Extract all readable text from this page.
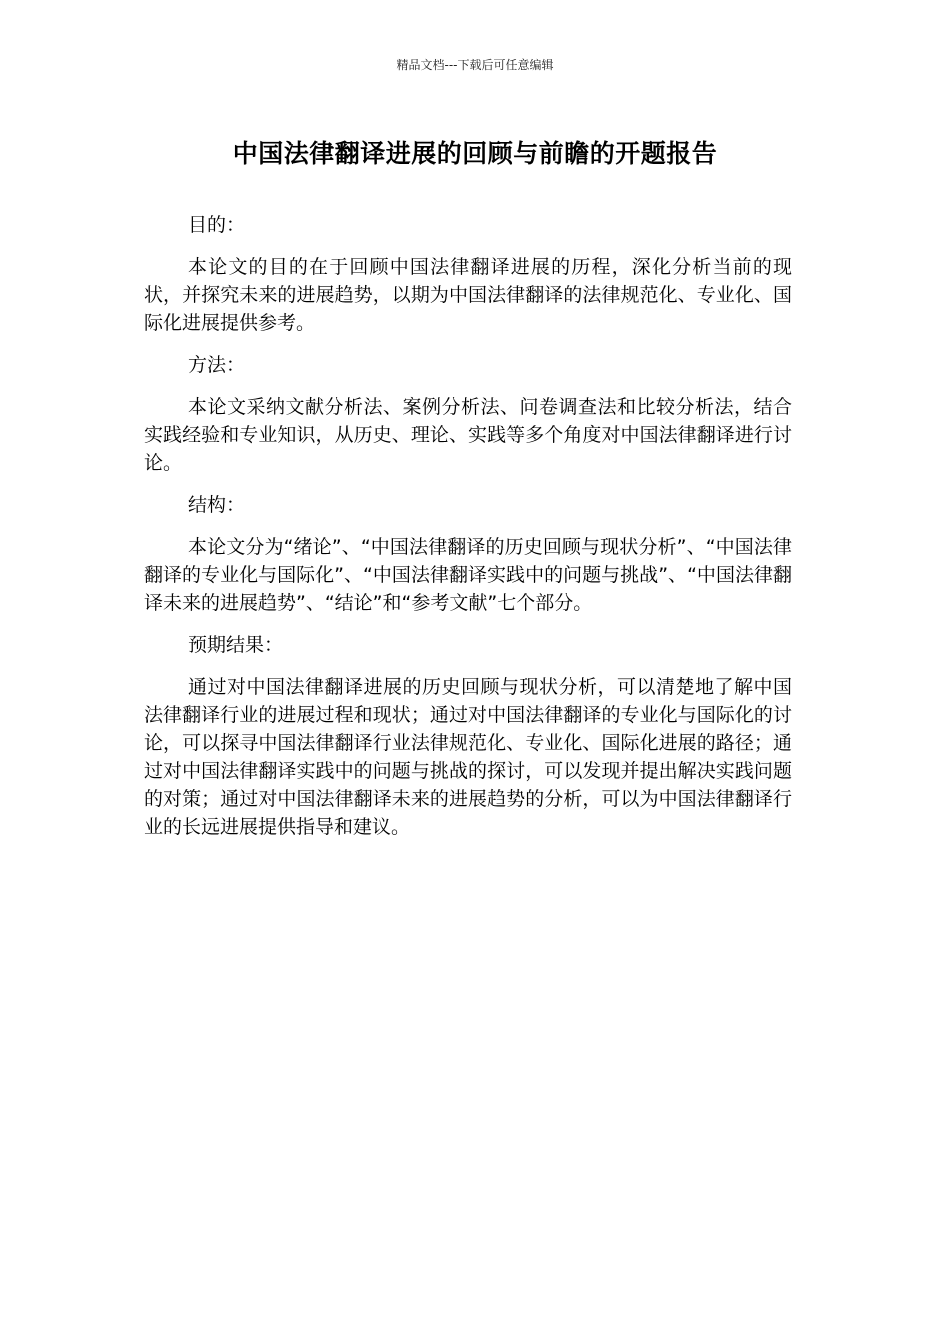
精品文档---下载后可任意编辑
中国法律翻译进展的回顾与前瞻的开题报告

目的：

本论文的目的在于回顾中国法律翻译进展的历程，深化分析当前的现状，并探究未来的进展趋势，以期为中国法律翻译的法律规范化、专业化、国际化进展提供参考。

方法：

本论文采纳文献分析法、案例分析法、问卷调查法和比较分析法，结合实践经验和专业知识，从历史、理论、实践等多个角度对中国法律翻译进行讨论。

结构：

本论文分为“绪论”、“中国法律翻译的历史回顾与现状分析”、“中国法律翻译的专业化与国际化”、“中国法律翻译实践中的问题与挑战”、“中国法律翻译未来的进展趋势”、“结论”和“参考文献”七个部分。

预期结果：

通过对中国法律翻译进展的历史回顾与现状分析，可以清楚地了解中国法律翻译行业的进展过程和现状；通过对中国法律翻译的专业化与国际化的讨论，可以探寻中国法律翻译行业法律规范化、专业化、国际化进展的路径；通过对中国法律翻译实践中的问题与挑战的探讨，可以发现并提出解决实践问题的对策；通过对中国法律翻译未来的进展趋势的分析，可以为中国法律翻译行业的长远进展提供指导和建议。
